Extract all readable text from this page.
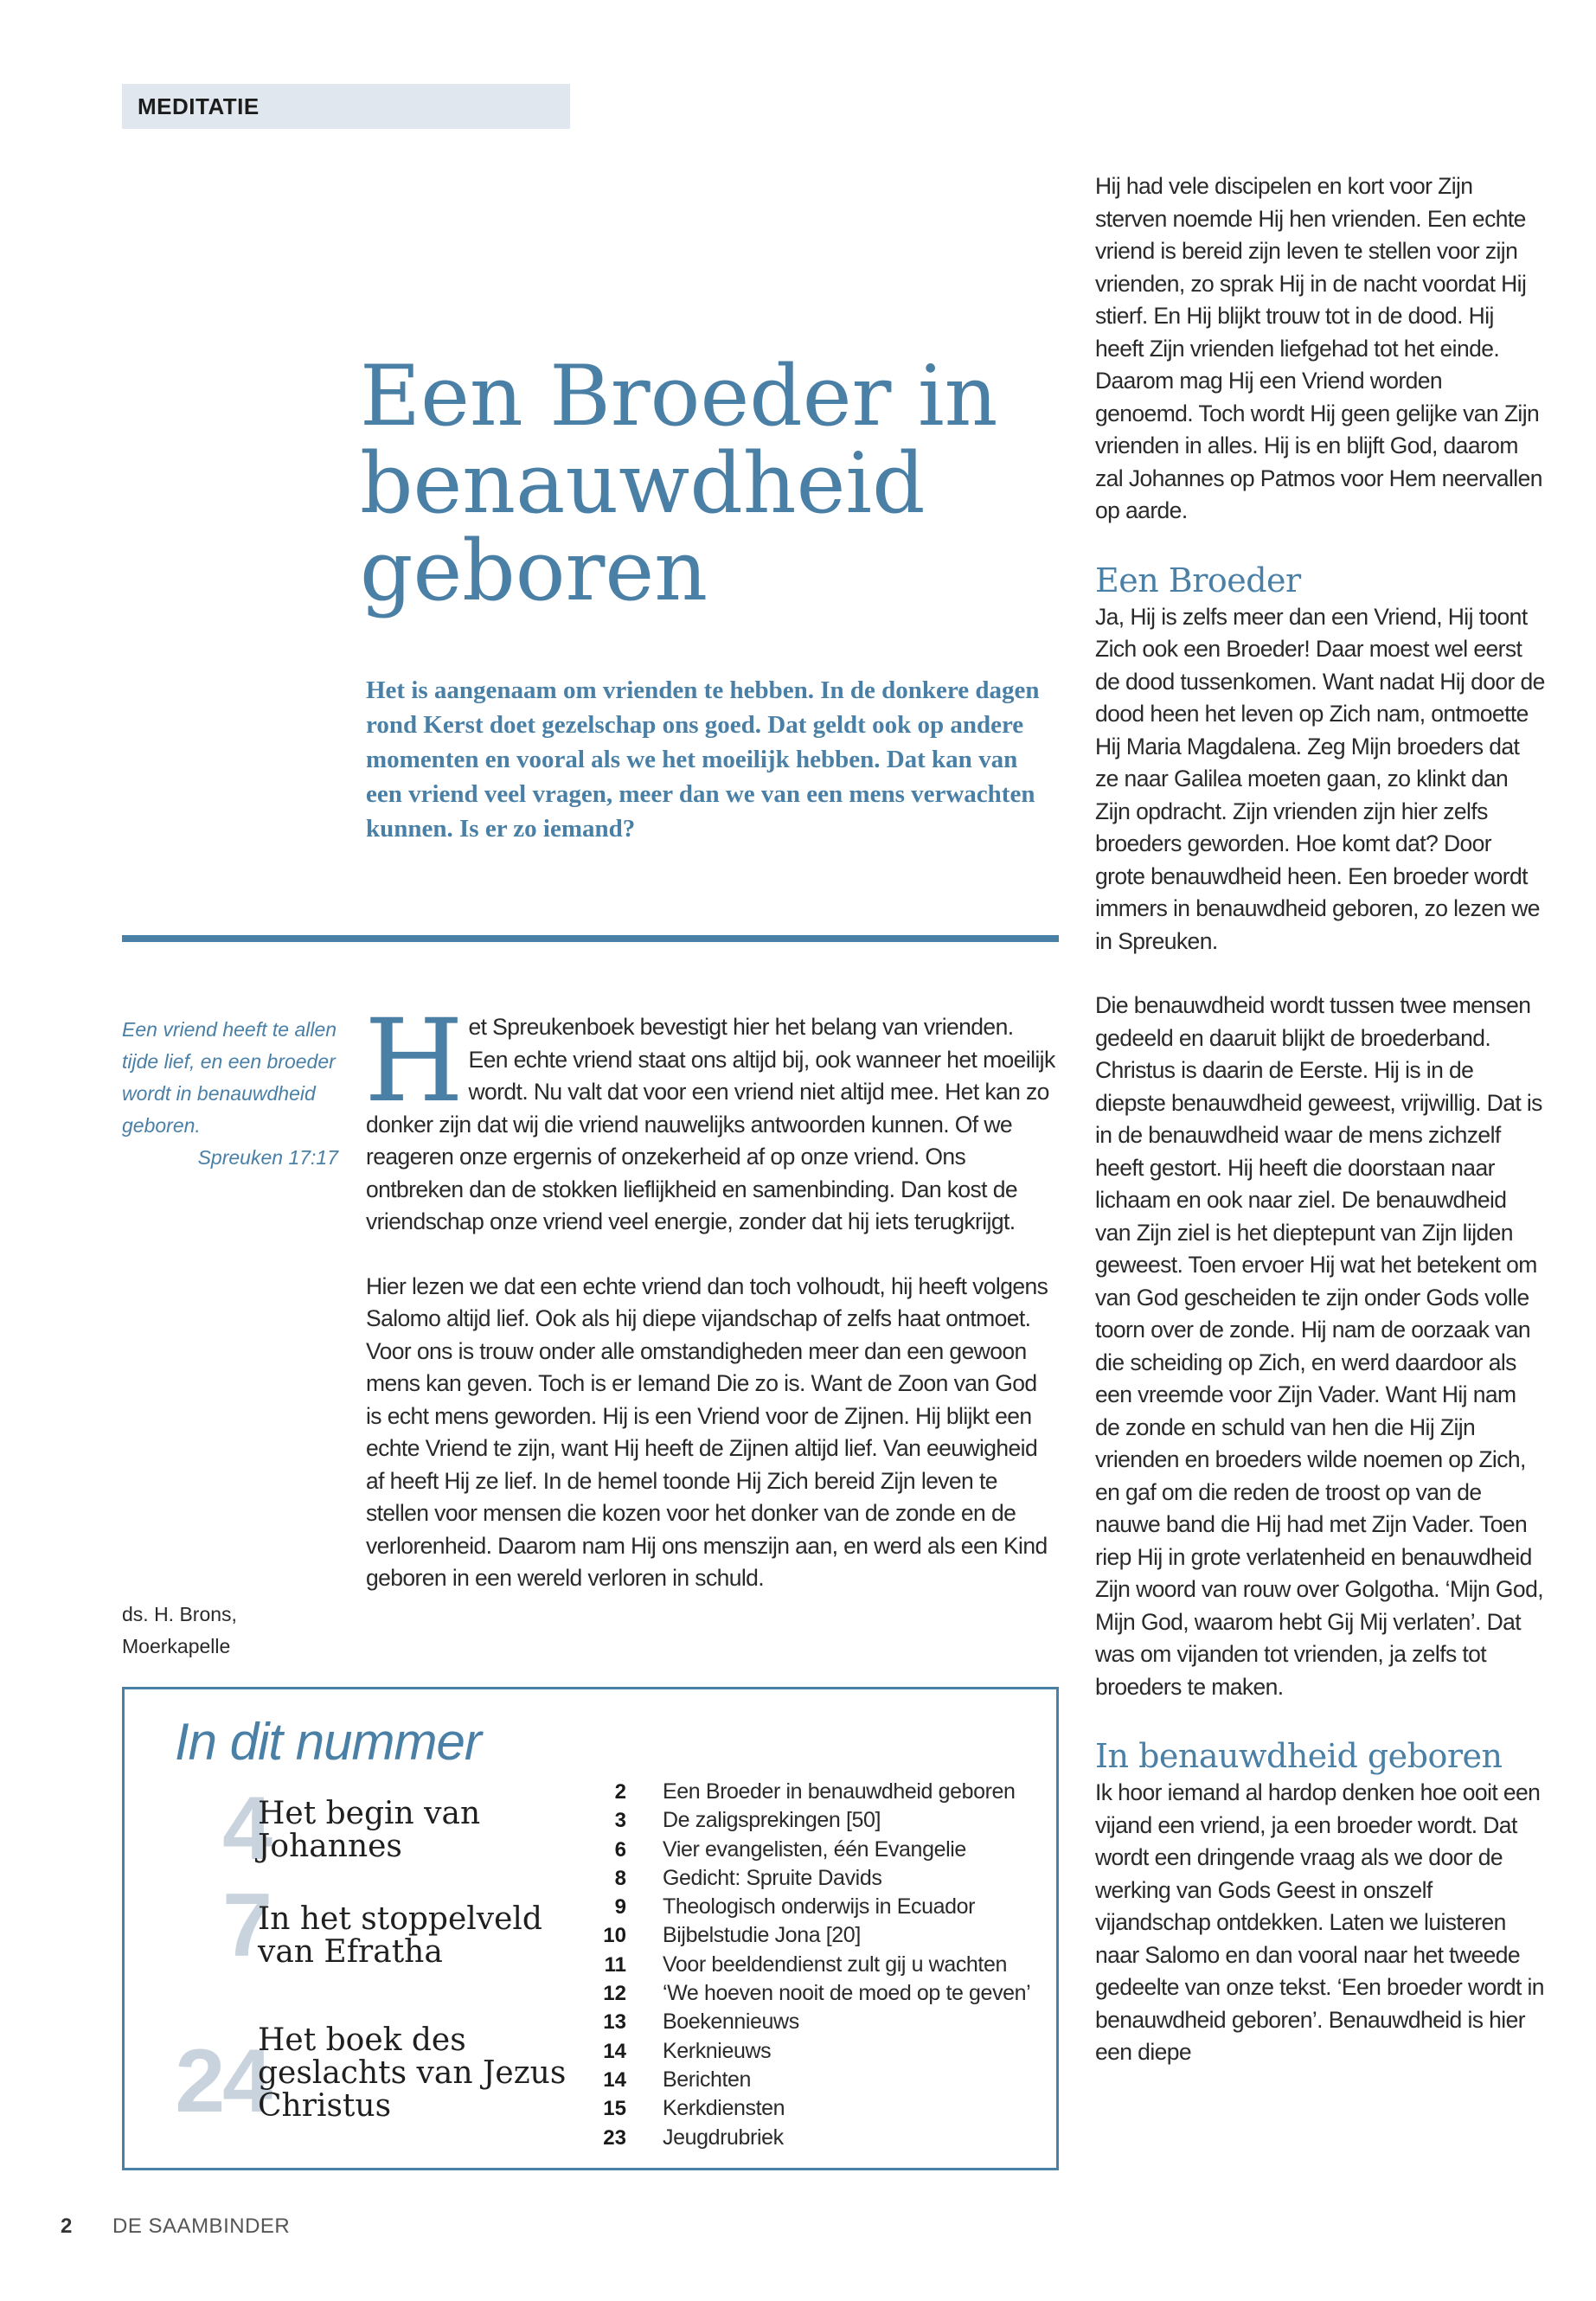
MEDITATIE
Een Broeder in benauwdheid geboren

Het is aangenaam om vrienden te hebben. In de donkere dagen rond Kerst doet gezelschap ons goed. Dat geldt ook op andere momenten en vooral als we het moeilijk hebben. Dat kan van een vriend veel vragen, meer dan we van een mens verwachten kunnen. Is er zo iemand?

Een vriend heeft te allen tijde lief, en een broeder wordt in benauwdheid geboren.
Spreuken 17:17

ds. H. Brons,
Moerkapelle

Het Spreukenboek bevestigt hier het belang van vrienden. Een echte vriend staat ons altijd bij, ook wanneer het moeilijk wordt. Nu valt dat voor een vriend niet altijd mee. Het kan zo donker zijn dat wij die vriend nauwelijks antwoorden kunnen. Of we reageren onze ergernis of onzekerheid af op onze vriend. Ons ontbreken dan de stokken lieflijkheid en samenbinding. Dan kost de vriendschap onze vriend veel energie, zonder dat hij iets terugkrijgt.

Hier lezen we dat een echte vriend dan toch volhoudt, hij heeft volgens Salomo altijd lief. Ook als hij diepe vijandschap of zelfs haat ontmoet. Voor ons is trouw onder alle omstandigheden meer dan een gewoon mens kan geven. Toch is er Iemand Die zo is. Want de Zoon van God is echt mens geworden. Hij is een Vriend voor de Zijnen. Hij blijkt een echte Vriend te zijn, want Hij heeft de Zijnen altijd lief. Van eeuwigheid af heeft Hij ze lief. In de hemel toonde Hij Zich bereid Zijn leven te stellen voor mensen die kozen voor het donker van de zonde en de verlorenheid. Daarom nam Hij ons menszijn aan, en werd als een Kind geboren in een wereld verloren in schuld.

Hij had vele discipelen en kort voor Zijn sterven noemde Hij hen vrienden. Een echte vriend is bereid zijn leven te stellen voor zijn vrienden, zo sprak Hij in de nacht voordat Hij stierf. En Hij blijkt trouw tot in de dood. Hij heeft Zijn vrienden liefgehad tot het einde. Daarom mag Hij een Vriend worden genoemd. Toch wordt Hij geen gelijke van Zijn vrienden in alles. Hij is en blijft God, daarom zal Johannes op Patmos voor Hem neervallen op aarde.

Een Broeder

Ja, Hij is zelfs meer dan een Vriend, Hij toont Zich ook een Broeder! Daar moest wel eerst de dood tussenkomen. Want nadat Hij door de dood heen het leven op Zich nam, ontmoette Hij Maria Magdalena. Zeg Mijn broeders dat ze naar Galilea moeten gaan, zo klinkt dan Zijn opdracht. Zijn vrienden zijn hier zelfs broeders geworden. Hoe komt dat? Door grote benauwdheid heen. Een broeder wordt immers in benauwdheid geboren, zo lezen we in Spreuken.

Die benauwdheid wordt tussen twee mensen gedeeld en daaruit blijkt de broederband. Christus is daarin de Eerste. Hij is in de diepste benauwdheid geweest, vrijwillig. Dat is in de benauwdheid waar de mens zichzelf heeft gestort. Hij heeft die doorstaan naar lichaam en ook naar ziel. De benauwdheid van Zijn ziel is het dieptepunt van Zijn lijden geweest. Toen ervoer Hij wat het betekent om van God gescheiden te zijn onder Gods volle toorn over de zonde. Hij nam de oorzaak van die scheiding op Zich, en werd daardoor als een vreemde voor Zijn Vader. Want Hij nam de zonde en schuld van hen die Hij Zijn vrienden en broeders wilde noemen op Zich, en gaf om die reden de troost op van de nauwe band die Hij had met Zijn Vader. Toen riep Hij in grote verlatenheid en benauwdheid Zijn woord van rouw over Golgotha. ‘Mijn God, Mijn God, waarom hebt Gij Mij verlaten’. Dat was om vijanden tot vrienden, ja zelfs tot broeders te maken.

In benauwdheid geboren

Ik hoor iemand al hardop denken hoe ooit een vijand een vriend, ja een broeder wordt. Dat wordt een dringende vraag als we door de werking van Gods Geest in onszelf vijandschap ontdekken. Laten we luisteren naar Salomo en dan vooral naar het tweede gedeelte van onze tekst. ‘Een broeder wordt in benauwdheid geboren’. Benauwdheid is hier een diepe

In dit nummer
4
Het begin van Johannes
7
In het stoppelveld van Efratha
24
Het boek des geslachts van Jezus Christus
2 Een Broeder in benauwdheid geboren
3 De zaligsprekingen [50]
6 Vier evangelisten, één Evangelie
8 Gedicht: Spruite Davids
9 Theologisch onderwijs in Ecuador
10 Bijbelstudie Jona [20]
11 Voor beeldendienst zult gij u wachten
12 ‘We hoeven nooit de moed op te geven’
13 Boekennieuws
14 Kerknieuws
14 Berichten
15 Kerkdiensten
23 Jeugdrubriek
2 DE SAAMBINDER
